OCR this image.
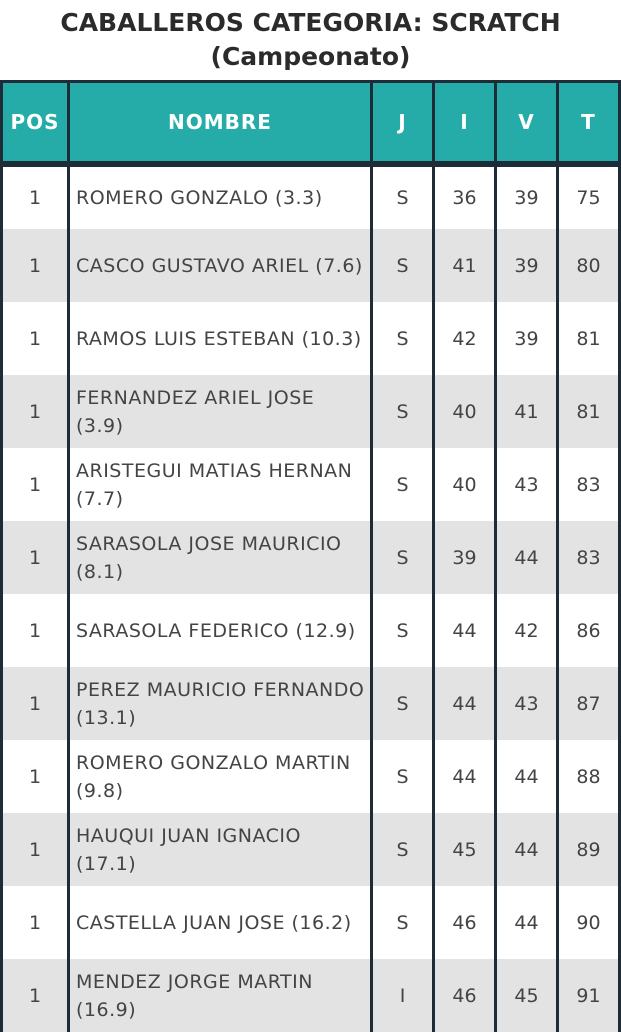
CABALLEROS CATEGORIA: SCRATCH
(Campeonato)
POS	NOMBRE	J	I	V	T
1	ROMERO GONZALO (3.3)	S	36	39	75
1	CASCO GUSTAVO ARIEL (7.6)	S	41	39	80
1	RAMOS LUIS ESTEBAN (10.3)	S	42	39	81
1	FERNANDEZ ARIEL JOSE (3.9)	S	40	41	81
1	ARISTEGUI MATIAS HERNAN (7.7)	S	40	43	83
1	SARASOLA JOSE MAURICIO (8.1)	S	39	44	83
1	SARASOLA FEDERICO (12.9)	S	44	42	86
1	PEREZ MAURICIO FERNANDO (13.1)	S	44	43	87
1	ROMERO GONZALO MARTIN (9.8)	S	44	44	88
1	HAUQUI JUAN IGNACIO (17.1)	S	45	44	89
1	CASTELLA JUAN JOSE (16.2)	S	46	44	90
1	MENDEZ JORGE MARTIN (16.9)	I	46	45	91
